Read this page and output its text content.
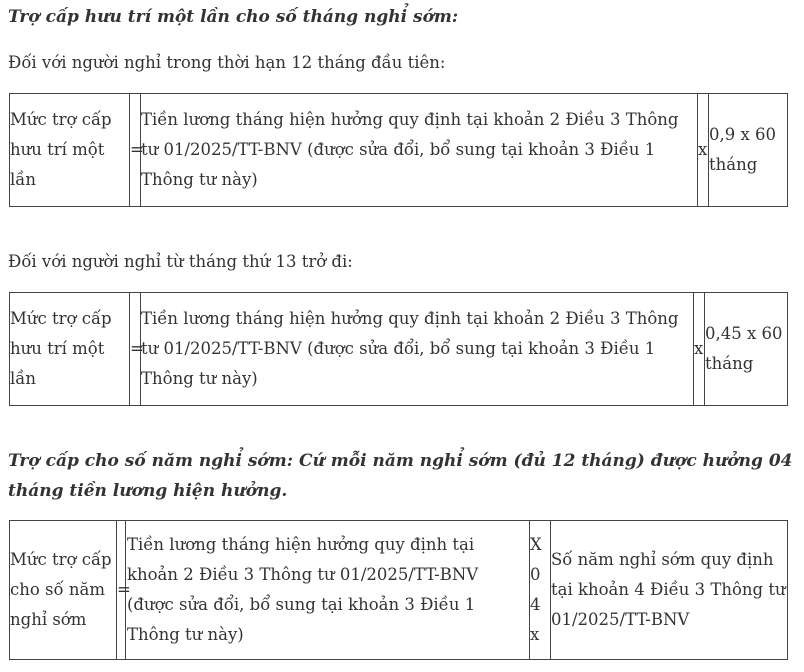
Trợ cấp hưu trí một lần cho số tháng nghỉ sớm:

Đối với người nghỉ trong thời hạn 12 tháng đầu tiên:

Mức trợ cấp hưu trí một lần	=	Tiền lương tháng hiện hưởng quy định tại khoản 2 Điều 3 Thông tư 01/2025/TT-BNV (được sửa đổi, bổ sung tại khoản 3 Điều 1 Thông tư này)	x	0,9 x 60 tháng

Đối với người nghỉ từ tháng thứ 13 trở đi:

Mức trợ cấp hưu trí một lần	=	Tiền lương tháng hiện hưởng quy định tại khoản 2 Điều 3 Thông tư 01/2025/TT-BNV (được sửa đổi, bổ sung tại khoản 3 Điều 1 Thông tư này)	x	0,45 x 60 tháng

Trợ cấp cho số năm nghỉ sớm: Cứ mỗi năm nghỉ sớm (đủ 12 tháng) được hưởng 04 tháng tiền lương hiện hưởng.

Mức trợ cấp cho số năm nghỉ sớm	=	Tiền lương tháng hiện hưởng quy định tại khoản 2 Điều 3 Thông tư 01/2025/TT-BNV (được sửa đổi, bổ sung tại khoản 3 Điều 1 Thông tư này)	X 04 x	Số năm nghỉ sớm quy định tại khoản 4 Điều 3 Thông tư 01/2025/TT-BNV
